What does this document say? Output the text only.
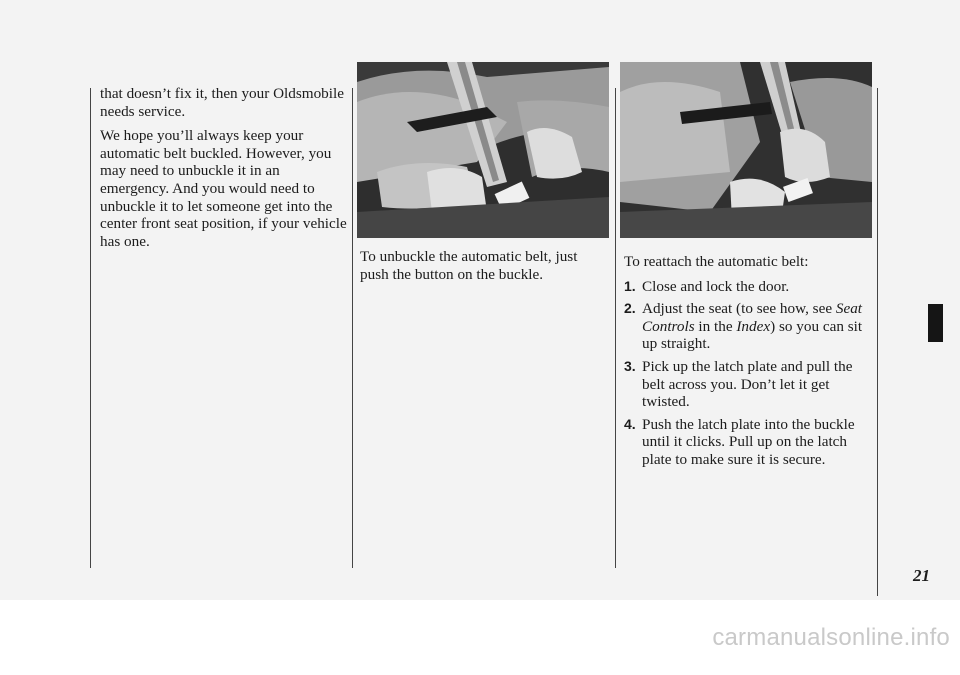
that doesn’t fix it, then your Oldsmobile needs service.

We hope you’ll always keep your automatic belt buckled. However, you may need to unbuckle it in an emergency. And you would need to unbuckle it to let someone get into the center front seat position, if your vehicle has one.

To unbuckle the automatic belt, just push the button on the buckle.

To reattach the automatic belt:

1. Close and lock the door.
2. Adjust the seat (to see how, see Seat Controls in the Index) so you can sit up straight.
3. Pick up the latch plate and pull the belt across you. Don’t let it get twisted.
4. Push the latch plate into the buckle until it clicks. Pull up on the latch plate to make sure it is secure.
21
carmanualsonline.info
